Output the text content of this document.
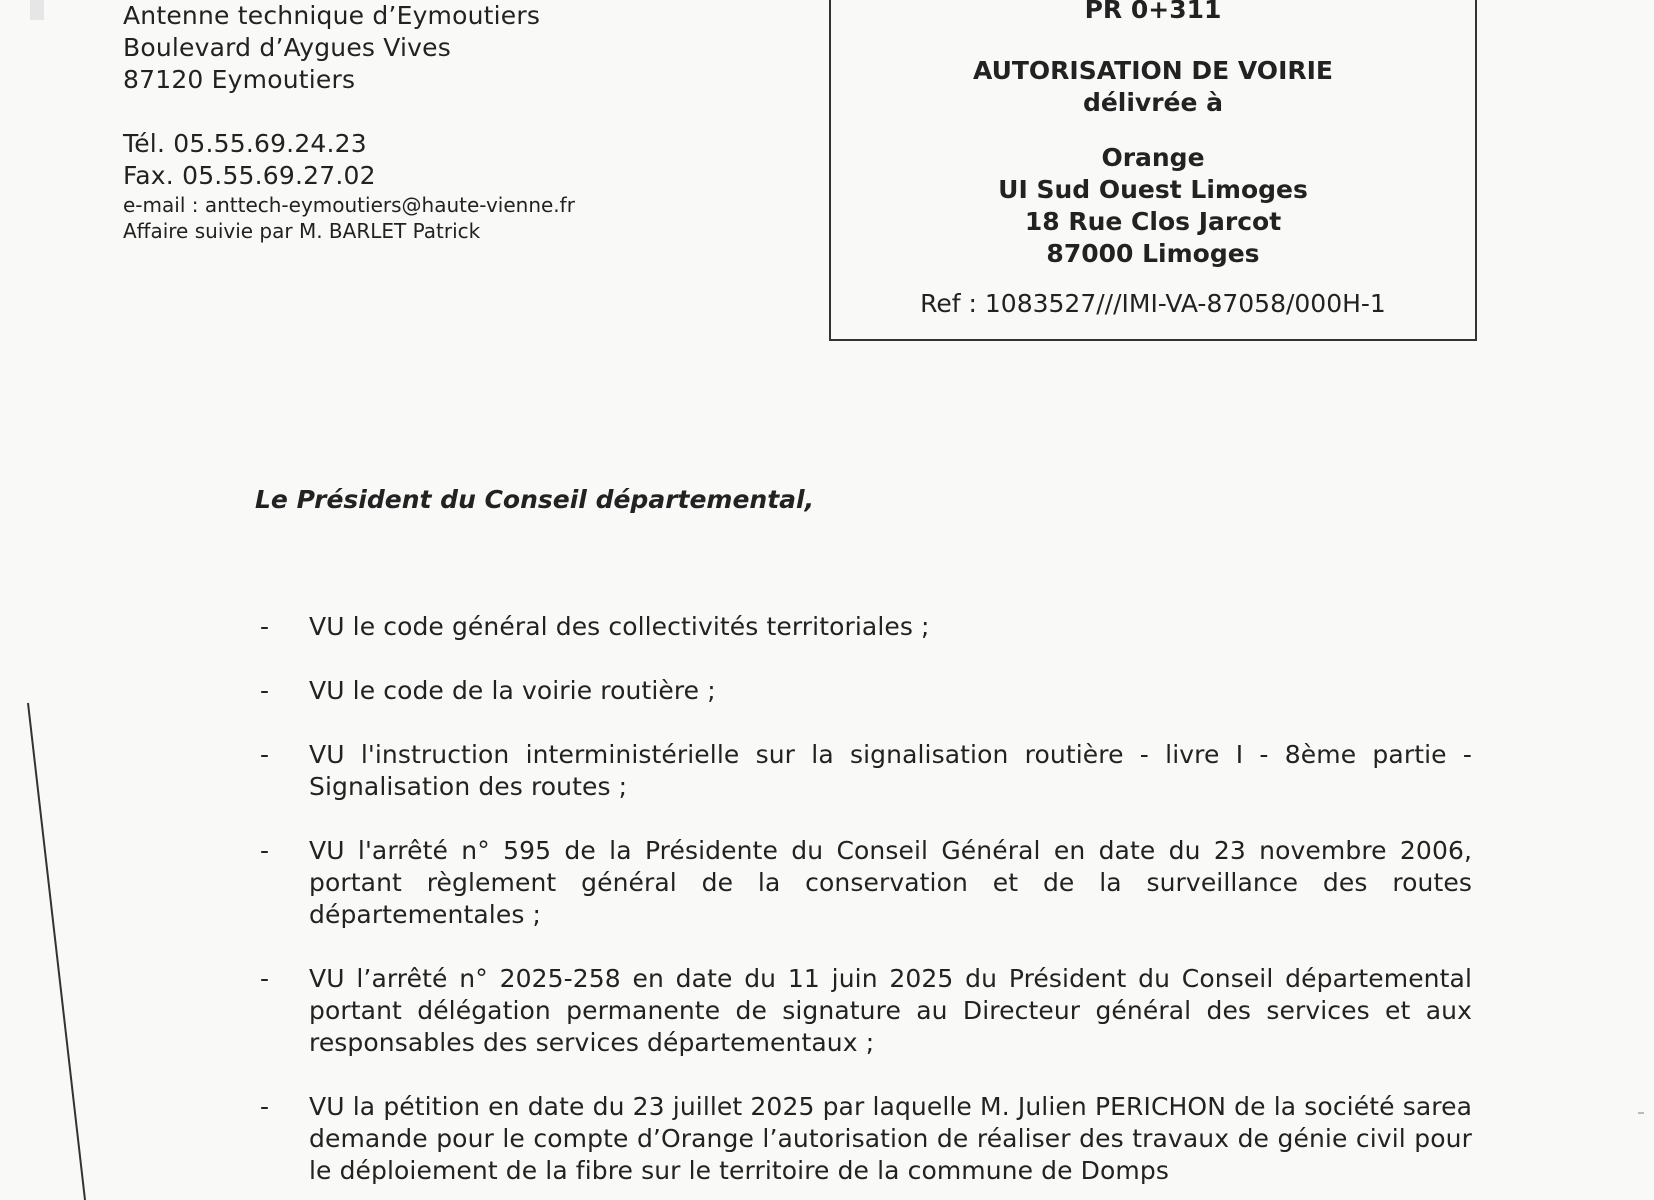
Antenne technique d’Eymoutiers
Boulevard d’Aygues Vives
87120 Eymoutiers
Tél. 05.55.69.24.23
Fax. 05.55.69.27.02
e-mail : anttech-eymoutiers@haute-vienne.fr
Affaire suivie par M. BARLET Patrick
PR 0+311
AUTORISATION DE VOIRIE
délivrée à
Orange
UI Sud Ouest Limoges
18 Rue Clos Jarcot
87000 Limoges
Ref : 1083527///IMI-VA-87058/000H-1
Le Président du Conseil départemental,
- VU le code général des collectivités territoriales ;
- VU le code de la voirie routière ;
- VU l'instruction interministérielle sur la signalisation routière - livre I - 8ème partie - Signalisation des routes ;
- VU l'arrêté n° 595 de la Présidente du Conseil Général en date du 23 novembre 2006, portant règlement général de la conservation et de la surveillance des routes départementales ;
- VU l’arrêté n° 2025-258 en date du 11 juin 2025 du Président du Conseil départemental portant délégation permanente de signature au Directeur général des services et aux responsables des services départementaux ;
- VU la pétition en date du 23 juillet 2025 par laquelle M. Julien PERICHON de la société sarea demande pour le compte d’Orange l’autorisation de réaliser des travaux de génie civil pour le déploiement de la fibre sur le territoire de la commune de Domps
